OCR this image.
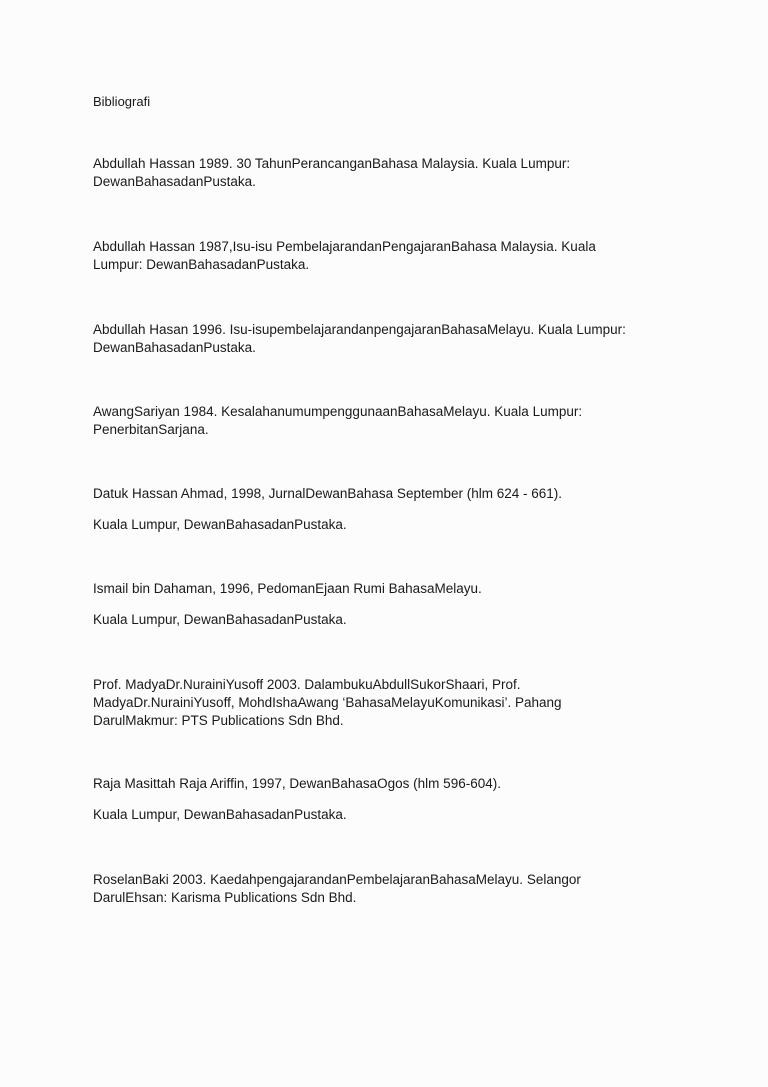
Bibliografi
Abdullah Hassan 1989. 30 TahunPerancanganBahasa Malaysia. Kuala Lumpur:
DewanBahasadanPustaka.
Abdullah Hassan 1987,Isu-isu PembelajarandanPengajaranBahasa Malaysia. Kuala
Lumpur: DewanBahasadanPustaka.
Abdullah Hasan 1996. Isu-isupembelajarandanpengajaranBahasaMelayu. Kuala Lumpur:
DewanBahasadanPustaka.
AwangSariyan 1984. KesalahanumumpenggunaanBahasaMelayu. Kuala Lumpur:
PenerbitanSarjana.
Datuk Hassan Ahmad, 1998, JurnalDewanBahasa September (hlm 624 - 661).
Kuala Lumpur, DewanBahasadanPustaka.
Ismail bin Dahaman, 1996, PedomanEjaan Rumi BahasaMelayu.
Kuala Lumpur, DewanBahasadanPustaka.
Prof. MadyaDr.NurainiYusoff 2003. DalambukuAbdullSukorShaari, Prof.
MadyaDr.NurainiYusoff, MohdIshaAwang ‘BahasaMelayuKomunikasi’. Pahang
DarulMakmur: PTS Publications Sdn Bhd.
Raja Masittah Raja Ariffin, 1997, DewanBahasaOgos (hlm 596-604).
Kuala Lumpur, DewanBahasadanPustaka.
RoselanBaki 2003. KaedahpengajarandanPembelajaranBahasaMelayu. Selangor
DarulEhsan: Karisma Publications Sdn Bhd.
